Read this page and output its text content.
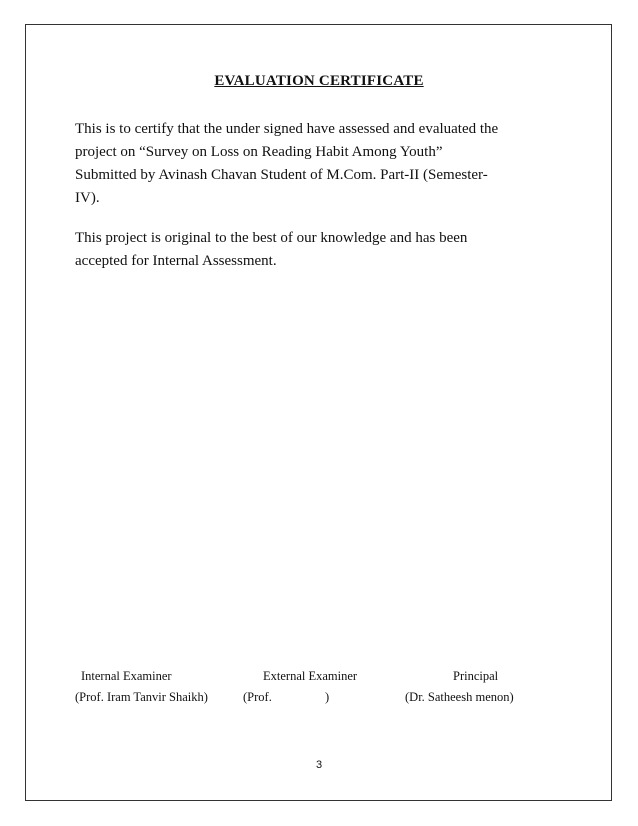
EVALUATION CERTIFICATE

This is to certify that the under signed have assessed and evaluated the
project on “Survey on Loss on Reading Habit Among Youth”
Submitted by Avinash Chavan Student of M.Com. Part-II (Semester-
IV).

This project is original to the best of our knowledge and has been
accepted for Internal Assessment.

Internal Examiner

(Prof. Iram Tanvir Shaikh)

External Examiner

(Prof.                 )

Principal

(Dr. Satheesh menon)

3
